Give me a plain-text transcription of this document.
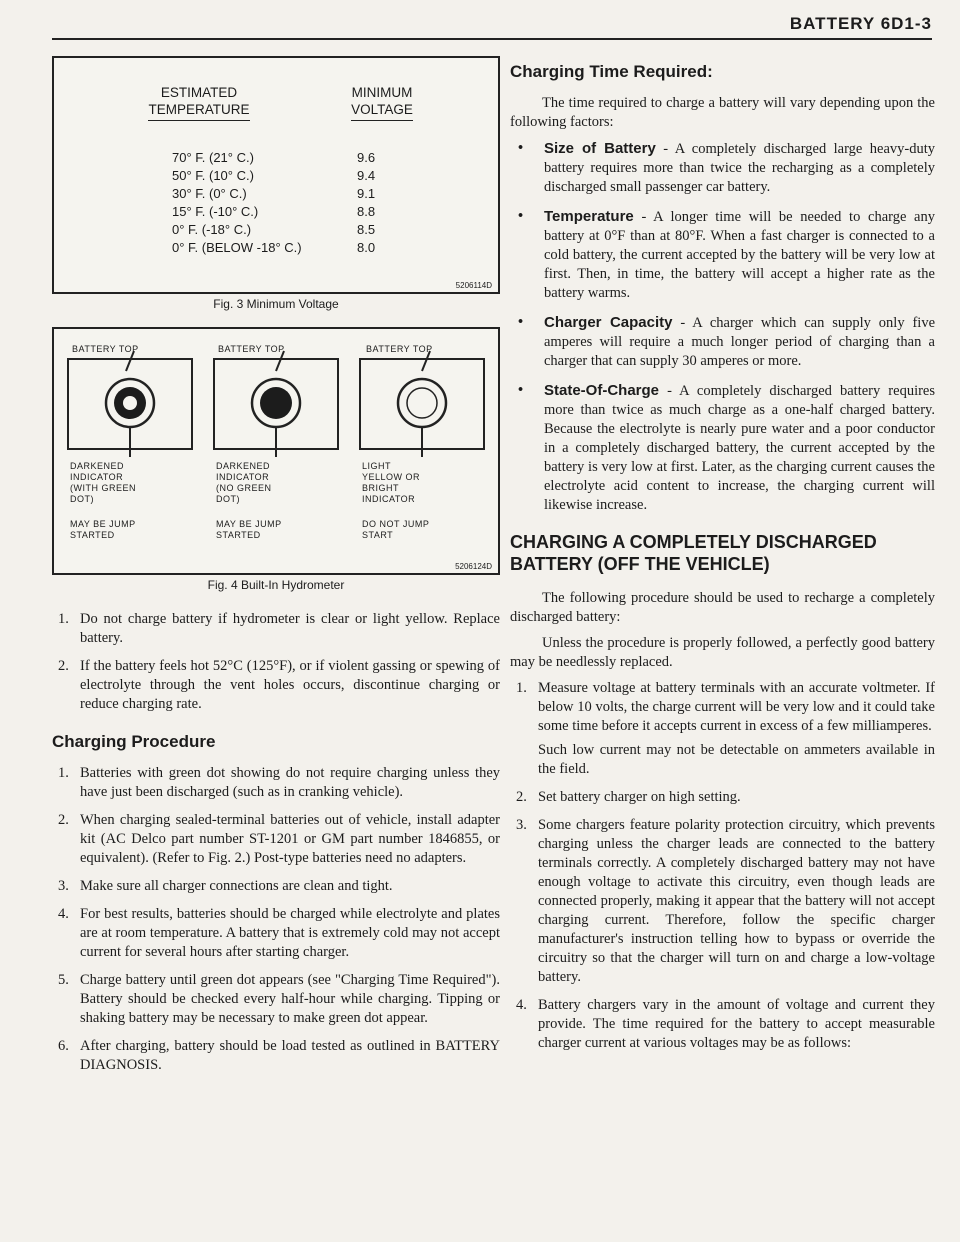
BATTERY 6D1-3
ESTIMATED
TEMPERATURE
MINIMUM
VOLTAGE
70° F. (21° C.)	9.6
50° F. (10° C.)	9.4
30° F. (0° C.)	9.1
15° F. (-10° C.)	8.8
0° F. (-18° C.)	8.5
0° F. (BELOW -18° C.)	8.0
5206114D
Fig. 3 Minimum Voltage
BATTERY TOP	BATTERY TOP	BATTERY TOP
DARKENED
INDICATOR
(WITH GREEN
DOT)
DARKENED
INDICATOR
(NO GREEN
DOT)
LIGHT
YELLOW OR
BRIGHT
INDICATOR
MAY BE JUMP
STARTED
MAY BE JUMP
STARTED
DO NOT JUMP
START
5206124D
Fig. 4 Built-In Hydrometer
1. Do not charge battery if hydrometer is clear or light yellow. Replace battery.
2. If the battery feels hot 52°C (125°F), or if violent gassing or spewing of electrolyte through the vent holes occurs, discontinue charging or reduce charging rate.
Charging Procedure
1. Batteries with green dot showing do not require charging unless they have just been discharged (such as in cranking vehicle).
2. When charging sealed-terminal batteries out of vehicle, install adapter kit (AC Delco part number ST-1201 or GM part number 1846855, or equivalent). (Refer to Fig. 2.) Post-type batteries need no adapters.
3. Make sure all charger connections are clean and tight.
4. For best results, batteries should be charged while electrolyte and plates are at room temperature. A battery that is extremely cold may not accept current for several hours after starting charger.
5. Charge battery until green dot appears (see "Charging Time Required"). Battery should be checked every half-hour while charging. Tipping or shaking battery may be necessary to make green dot appear.
6. After charging, battery should be load tested as outlined in BATTERY DIAGNOSIS.
Charging Time Required:

The time required to charge a battery will vary depending upon the following factors:

• Size of Battery - A completely discharged large heavy-duty battery requires more than twice the recharging as a completely discharged small passenger car battery.
• Temperature - A longer time will be needed to charge any battery at 0°F than at 80°F. When a fast charger is connected to a cold battery, the current accepted by the battery will be very low at first. Then, in time, the battery will accept a higher rate as the battery warms.
• Charger Capacity - A charger which can supply only five amperes will require a much longer period of charging than a charger that can supply 30 amperes or more.
• State-Of-Charge - A completely discharged battery requires more than twice as much charge as a one-half charged battery. Because the electrolyte is nearly pure water and a poor conductor in a completely discharged battery, the current accepted by the battery is very low at first. Later, as the charging current causes the electrolyte acid content to increase, the charging current will likewise increase.
CHARGING A COMPLETELY DISCHARGED BATTERY (OFF THE VEHICLE)

The following procedure should be used to recharge a completely discharged battery:

Unless the procedure is properly followed, a perfectly good battery may be needlessly replaced.

1. Measure voltage at battery terminals with an accurate voltmeter. If below 10 volts, the charge current will be very low and it could take some time before it accepts current in excess of a few milliamperes.
Such low current may not be detectable on ammeters available in the field.
2. Set battery charger on high setting.
3. Some chargers feature polarity protection circuitry, which prevents charging unless the charger leads are connected to the battery terminals correctly. A completely discharged battery may not have enough voltage to activate this circuitry, even though leads are connected properly, making it appear that the battery will not accept charging current. Therefore, follow the specific charger manufacturer's instruction telling how to bypass or override the circuitry so that the charger will turn on and charge a low-voltage battery.
4. Battery chargers vary in the amount of voltage and current they provide. The time required for the battery to accept measurable charger current at various voltages may be as follows:
